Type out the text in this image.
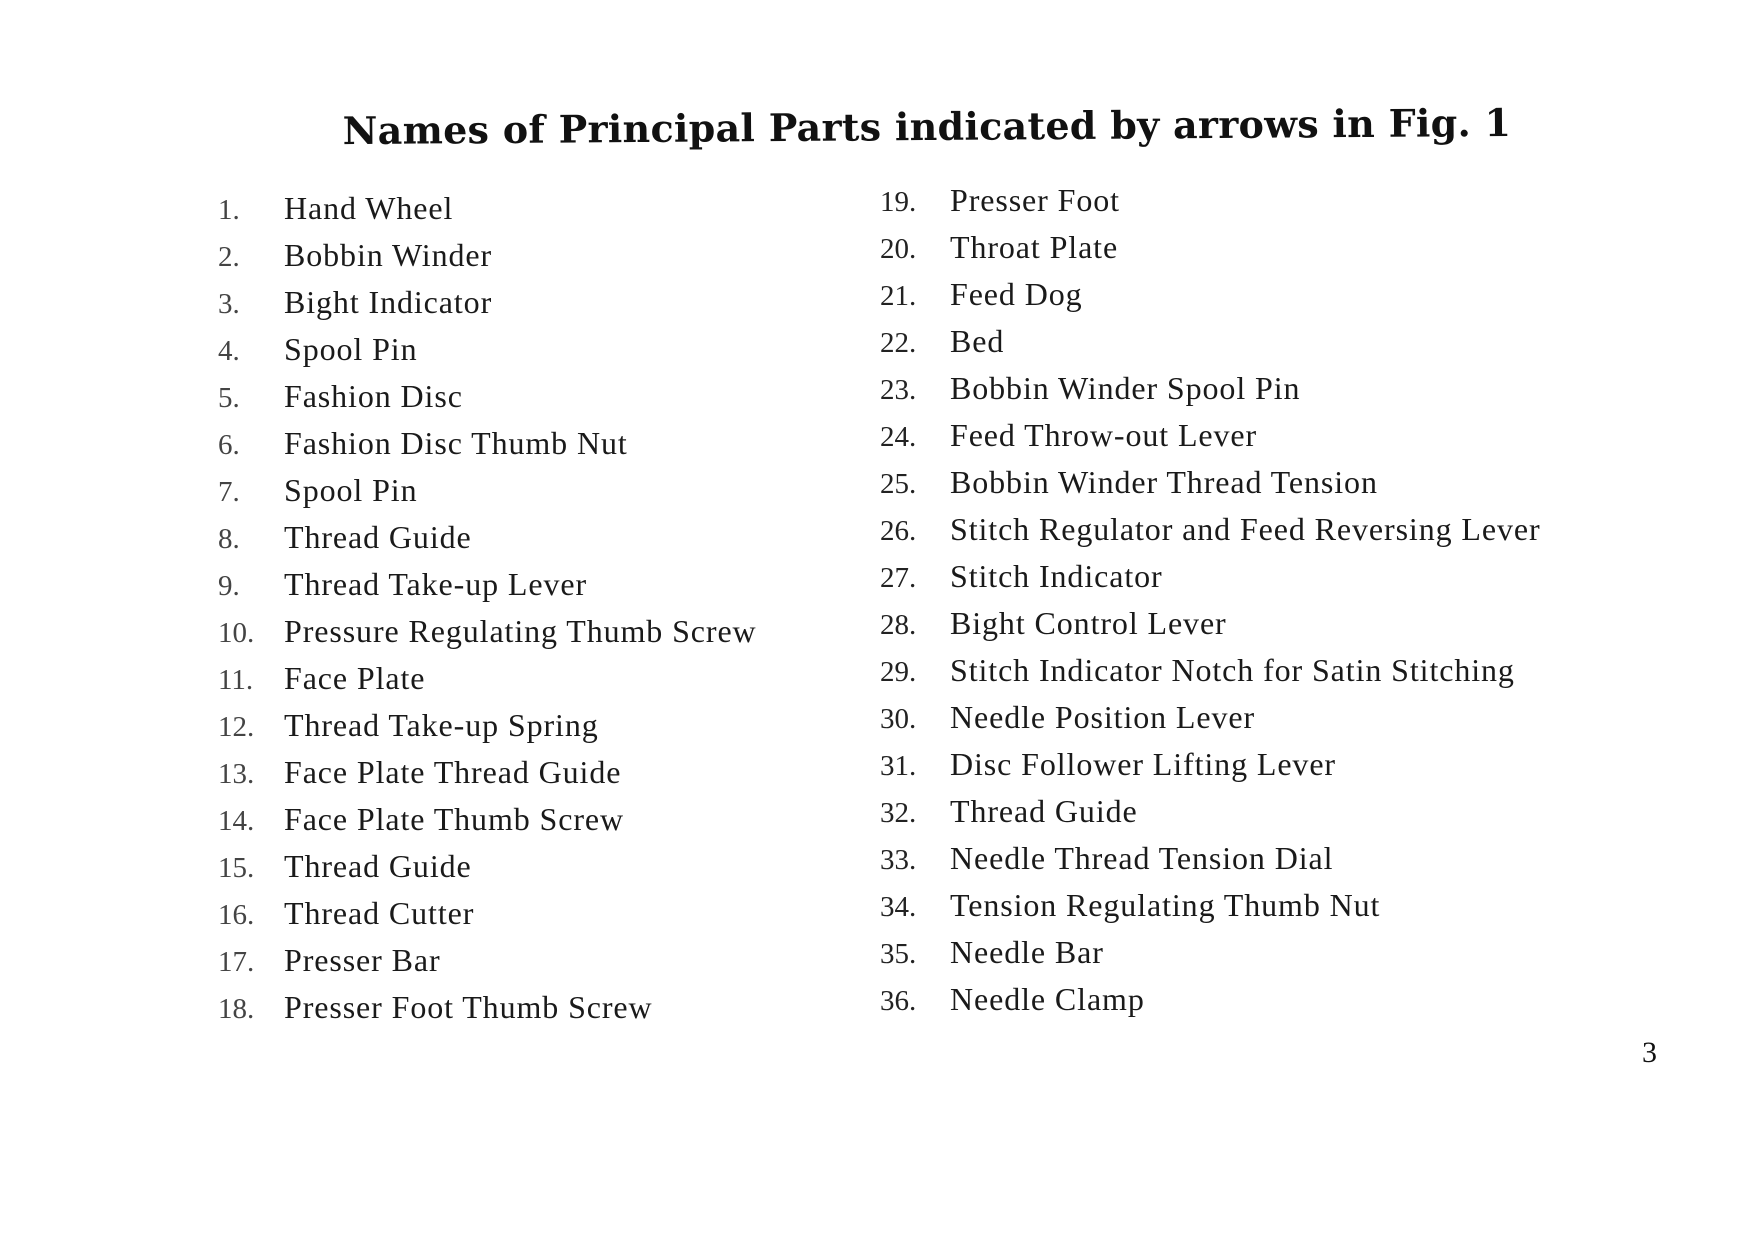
Names of Principal Parts indicated by arrows in Fig. 1
1.	Hand Wheel
2.	Bobbin Winder
3.	Bight Indicator
4.	Spool Pin
5.	Fashion Disc
6.	Fashion Disc Thumb Nut
7.	Spool Pin
8.	Thread Guide
9.	Thread Take-up Lever
10. Pressure Regulating Thumb Screw
11. Face Plate
12. Thread Take-up Spring
13. Face Plate Thread Guide
14. Face Plate Thumb Screw
15. Thread Guide
16. Thread Cutter
17. Presser Bar
18. Presser Foot Thumb Screw
19.	Presser Foot
20.	Throat Plate
21.	Feed Dog
22.	Bed
23.	Bobbin Winder Spool Pin
24.	Feed Throw-out Lever
25.	Bobbin Winder Thread Tension
26.	Stitch Regulator and Feed Reversing Lever
27.	Stitch Indicator
28.	Bight Control Lever
29.	Stitch Indicator Notch for Satin Stitching
30.	Needle Position Lever
31.	Disc Follower Lifting Lever
32.	Thread Guide
33.	Needle Thread Tension Dial
34.	Tension Regulating Thumb Nut
35.	Needle Bar
36.	Needle Clamp
3
